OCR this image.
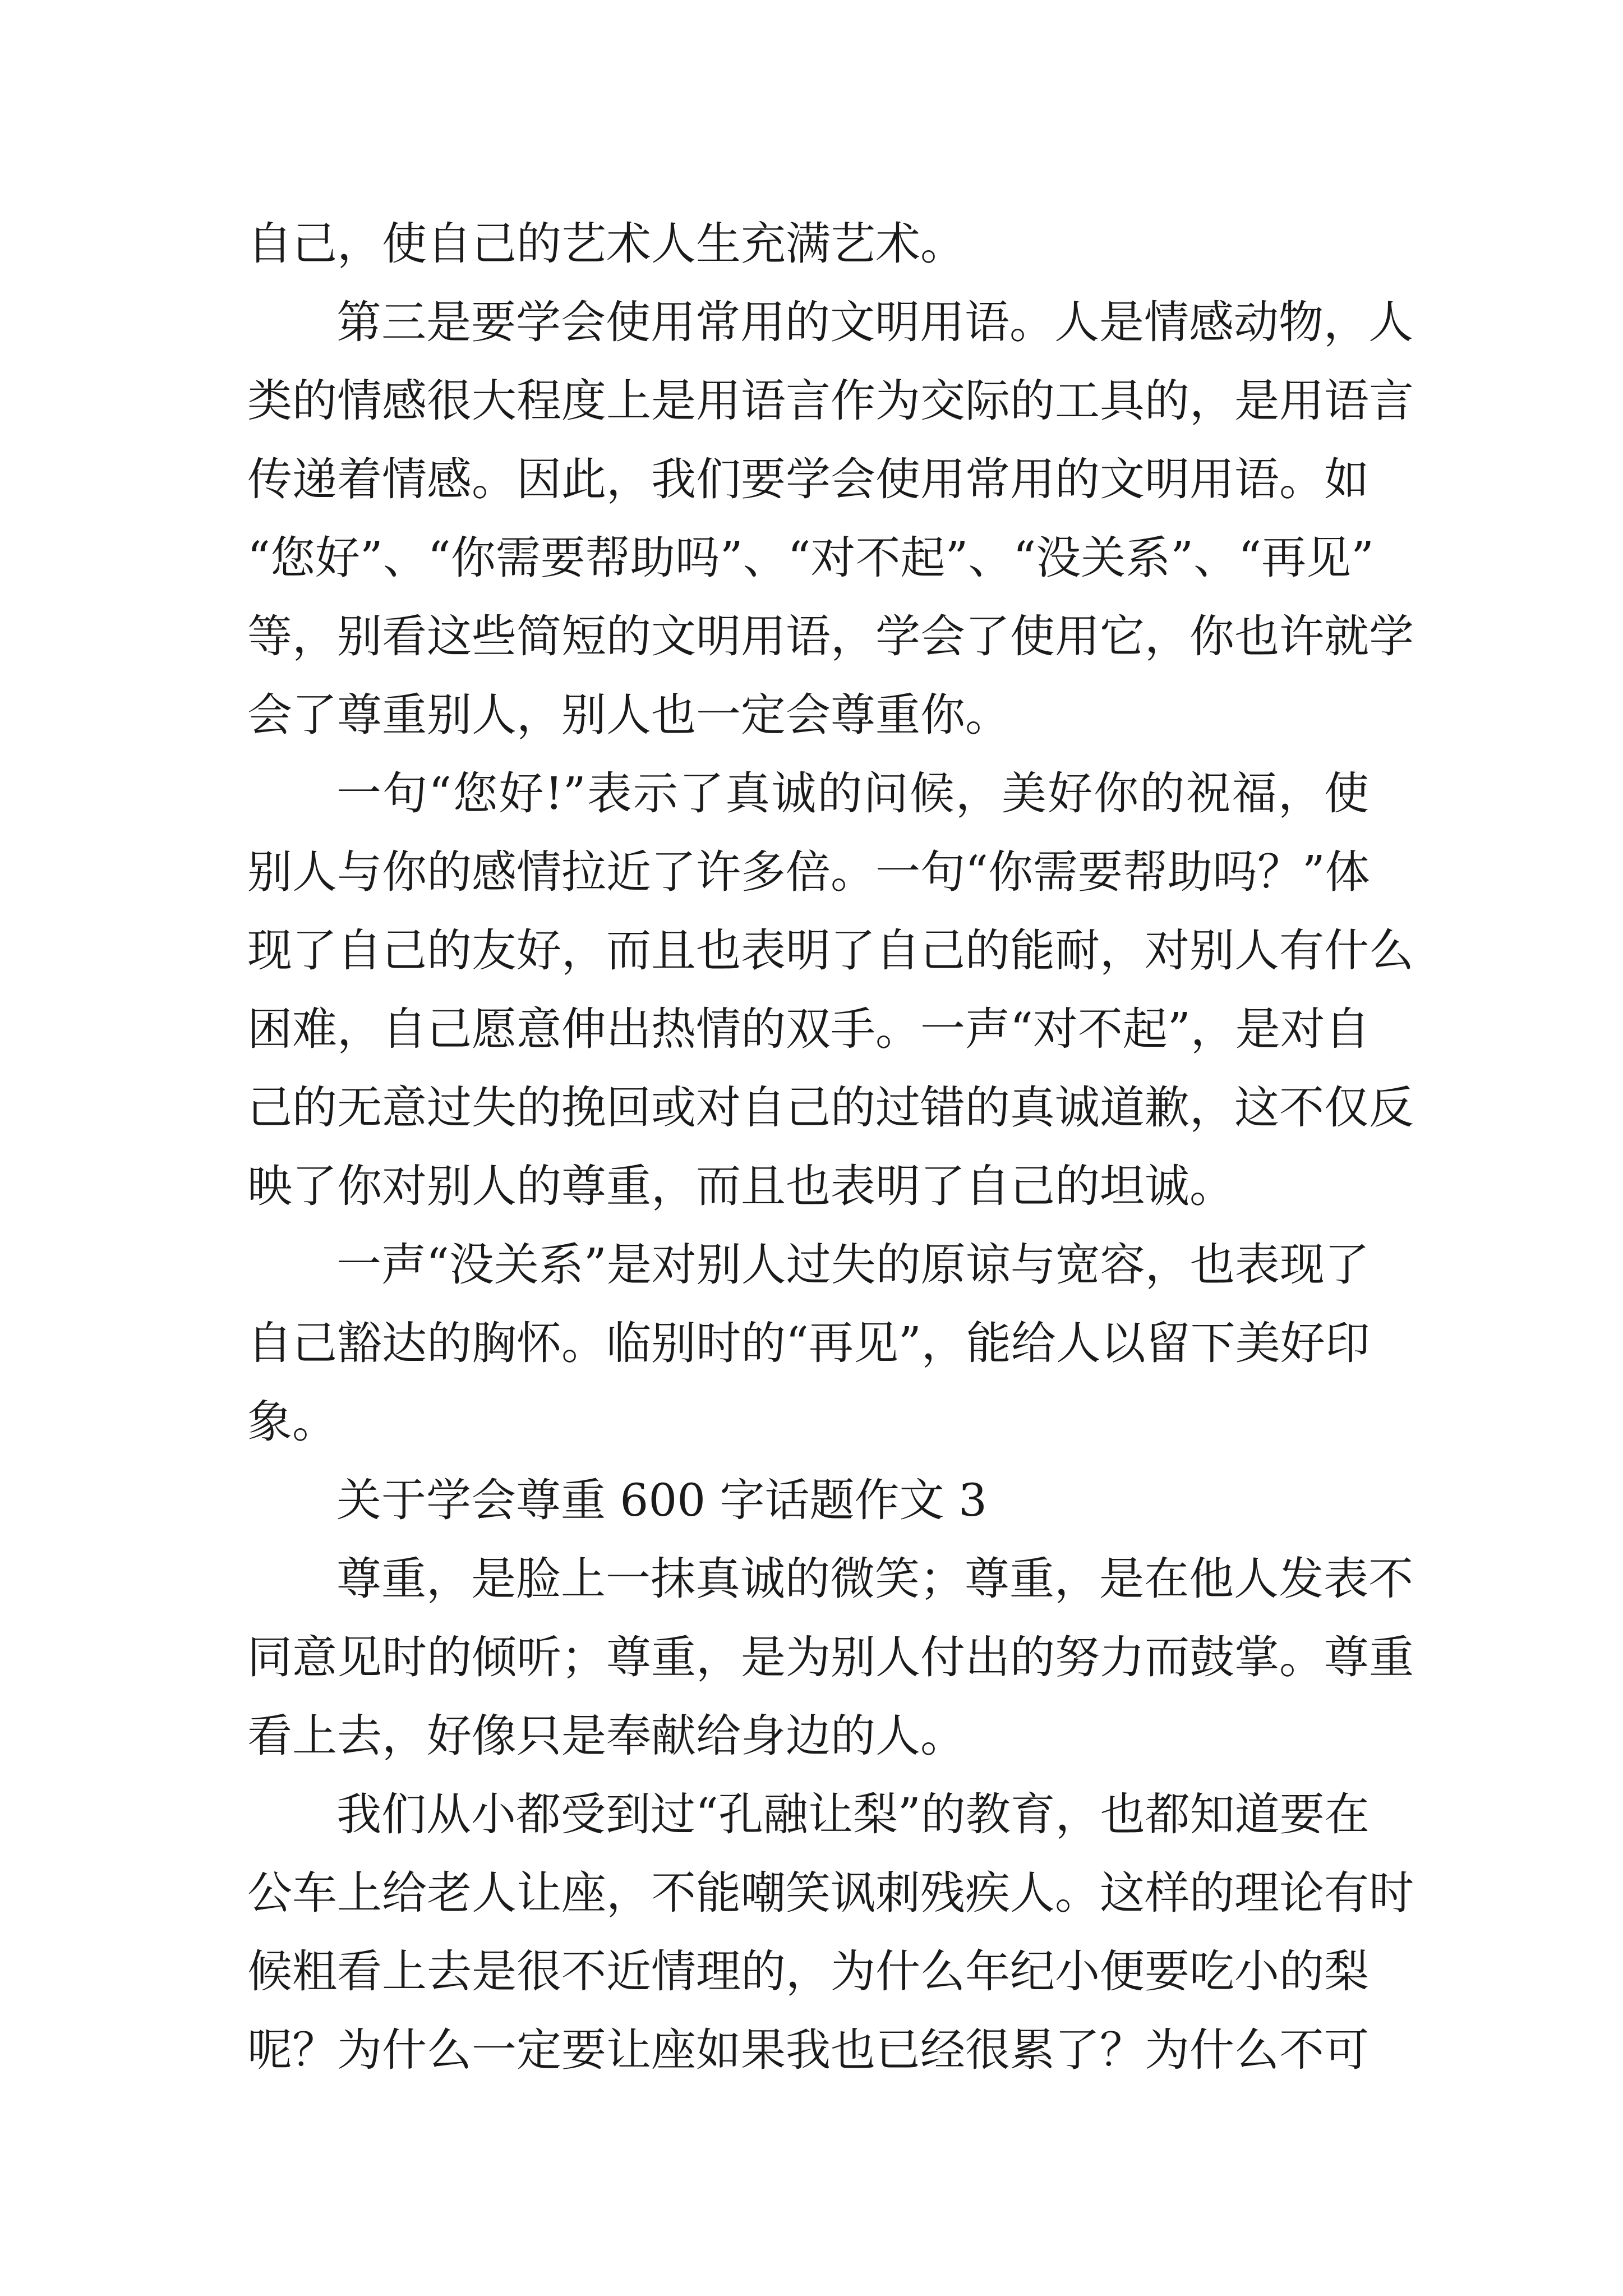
自己，使自己的艺术人生充满艺术。
第三是要学会使用常用的文明用语。人是情感动物，人
类的情感很大程度上是用语言作为交际的工具的，是用语言
传递着情感。因此，我们要学会使用常用的文明用语。如
“您好”、“你需要帮助吗”、“对不起”、“没关系”、“再见”
等，别看这些简短的文明用语，学会了使用它，你也许就学
会了尊重别人，别人也一定会尊重你。
一句“您好!”表示了真诚的问候，美好你的祝福，使
别人与你的感情拉近了许多倍。一句“你需要帮助吗？”体
现了自己的友好，而且也表明了自己的能耐，对别人有什么
困难，自己愿意伸出热情的双手。一声“对不起”，是对自
己的无意过失的挽回或对自己的过错的真诚道歉，这不仅反
映了你对别人的尊重，而且也表明了自己的坦诚。
一声“没关系”是对别人过失的原谅与宽容，也表现了
自己豁达的胸怀。临别时的“再见”，能给人以留下美好印
象。
关于学会尊重 600 字话题作文 3
尊重，是脸上一抹真诚的微笑；尊重，是在他人发表不
同意见时的倾听；尊重，是为别人付出的努力而鼓掌。尊重
看上去，好像只是奉献给身边的人。
我们从小都受到过“孔融让梨”的教育，也都知道要在
公车上给老人让座，不能嘲笑讽刺残疾人。这样的理论有时
候粗看上去是很不近情理的，为什么年纪小便要吃小的梨
呢？为什么一定要让座如果我也已经很累了？为什么不可
